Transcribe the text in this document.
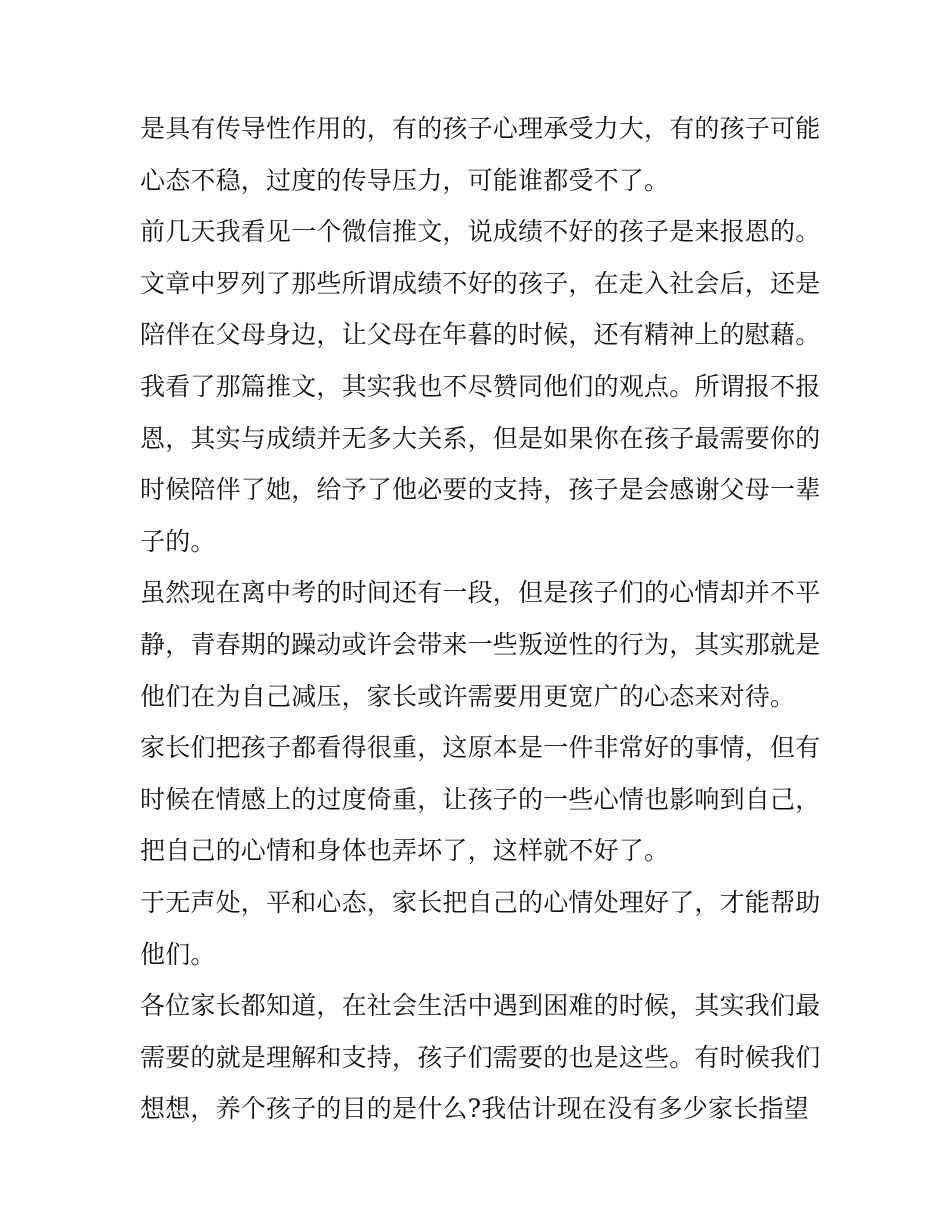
是具有传导性作用的，有的孩子心理承受力大，有的孩子可能
心态不稳，过度的传导压力，可能谁都受不了。
前几天我看见一个微信推文，说成绩不好的孩子是来报恩的。
文章中罗列了那些所谓成绩不好的孩子，在走入社会后，还是
陪伴在父母身边，让父母在年暮的时候，还有精神上的慰藉。
我看了那篇推文，其实我也不尽赞同他们的观点。所谓报不报
恩，其实与成绩并无多大关系，但是如果你在孩子最需要你的
时候陪伴了她，给予了他必要的支持，孩子是会感谢父母一辈
子的。
虽然现在离中考的时间还有一段，但是孩子们的心情却并不平
静，青春期的躁动或许会带来一些叛逆性的行为，其实那就是
他们在为自己减压，家长或许需要用更宽广的心态来对待。
家长们把孩子都看得很重，这原本是一件非常好的事情，但有
时候在情感上的过度倚重，让孩子的一些心情也影响到自己，
把自己的心情和身体也弄坏了，这样就不好了。
于无声处，平和心态，家长把自己的心情处理好了，才能帮助
他们。
各位家长都知道，在社会生活中遇到困难的时候，其实我们最
需要的就是理解和支持，孩子们需要的也是这些。有时候我们
想想，养个孩子的目的是什么?我估计现在没有多少家长指望
